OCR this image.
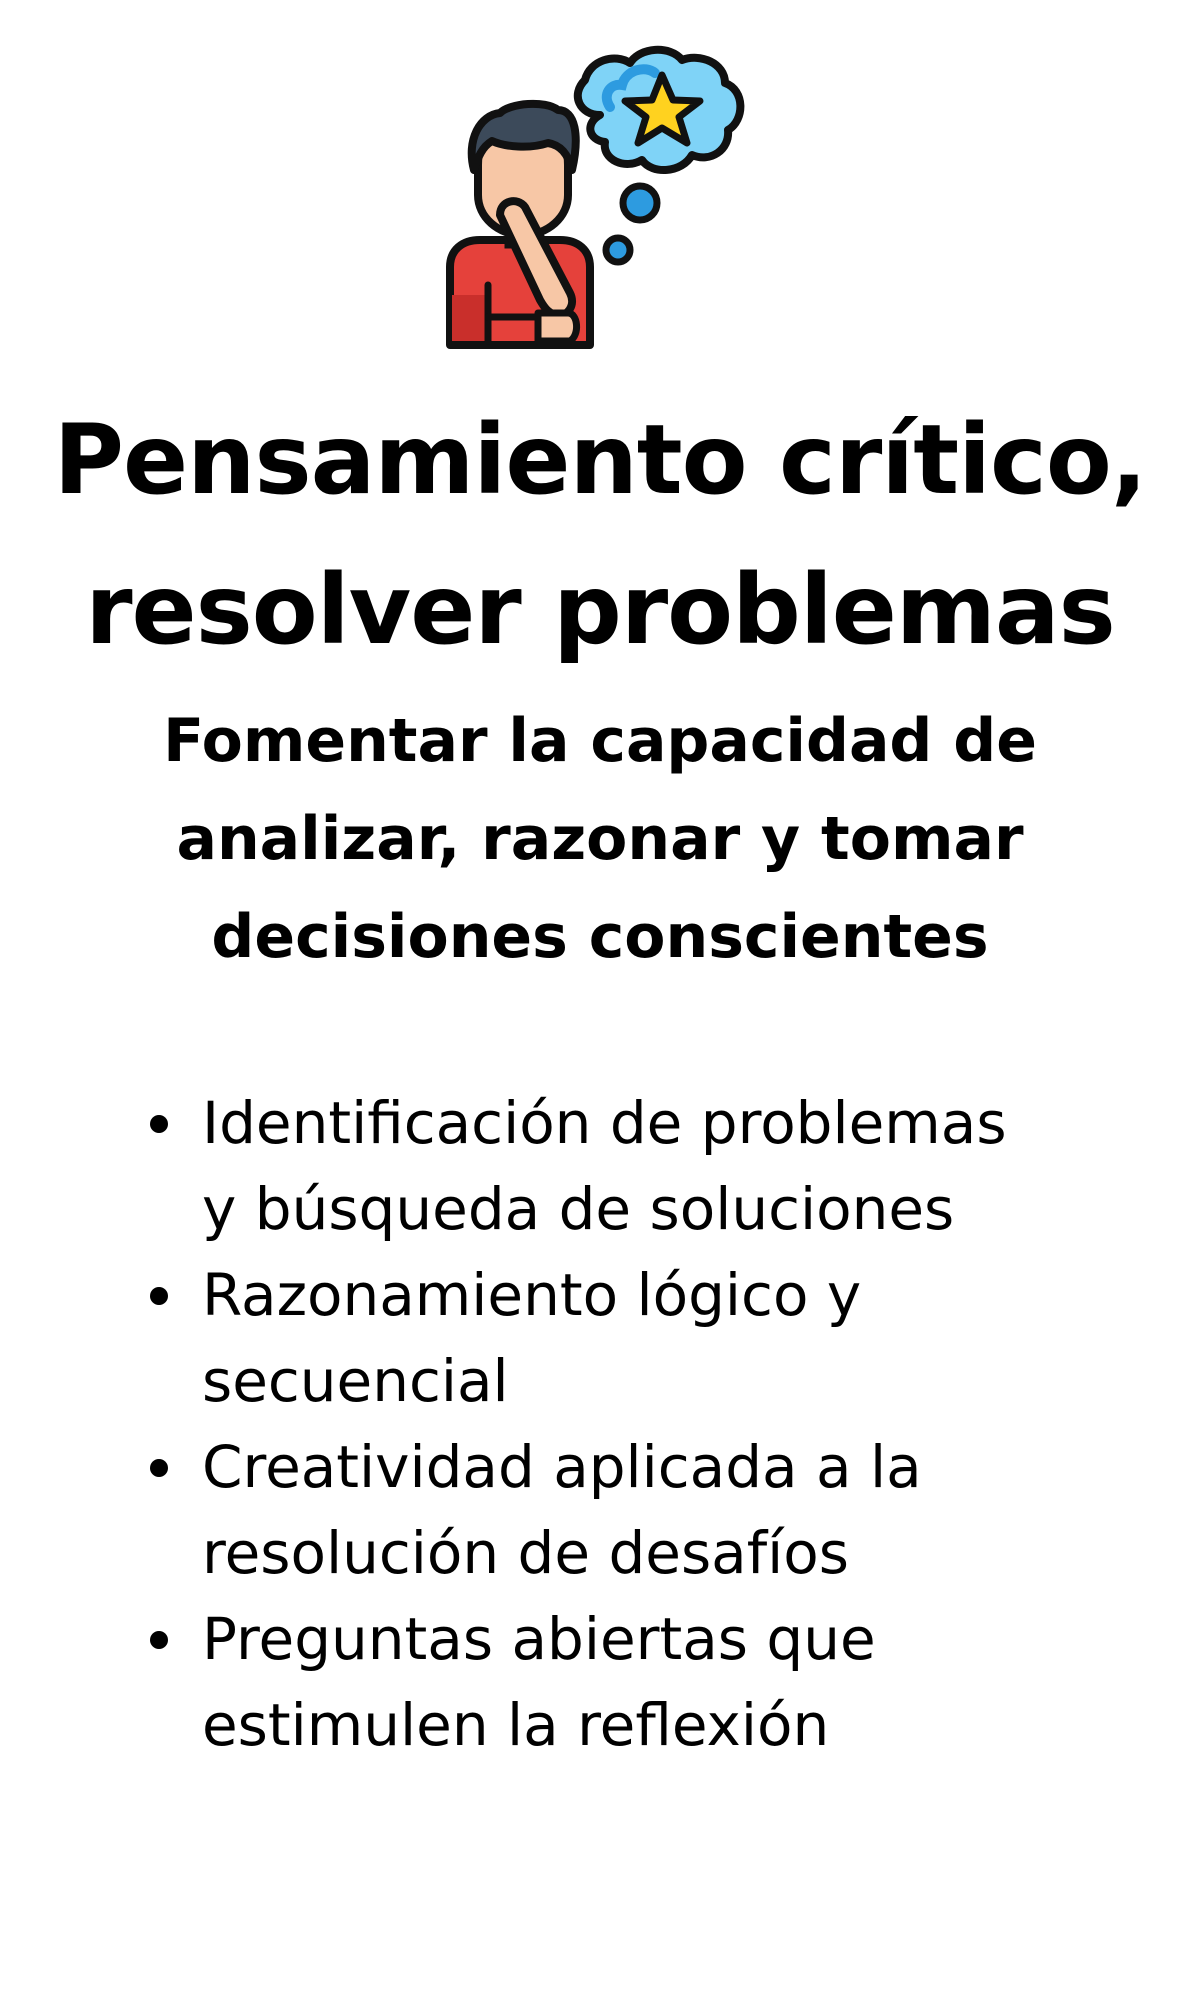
Pensamiento crítico,
resolver problemas
Fomentar la capacidad de
analizar, razonar y tomar
decisiones conscientes
Identificación de problemas
y búsqueda de soluciones
Razonamiento lógico y
secuencial
Creatividad aplicada a la
resolución de desafíos
Preguntas abiertas que
estimulen la reflexión
